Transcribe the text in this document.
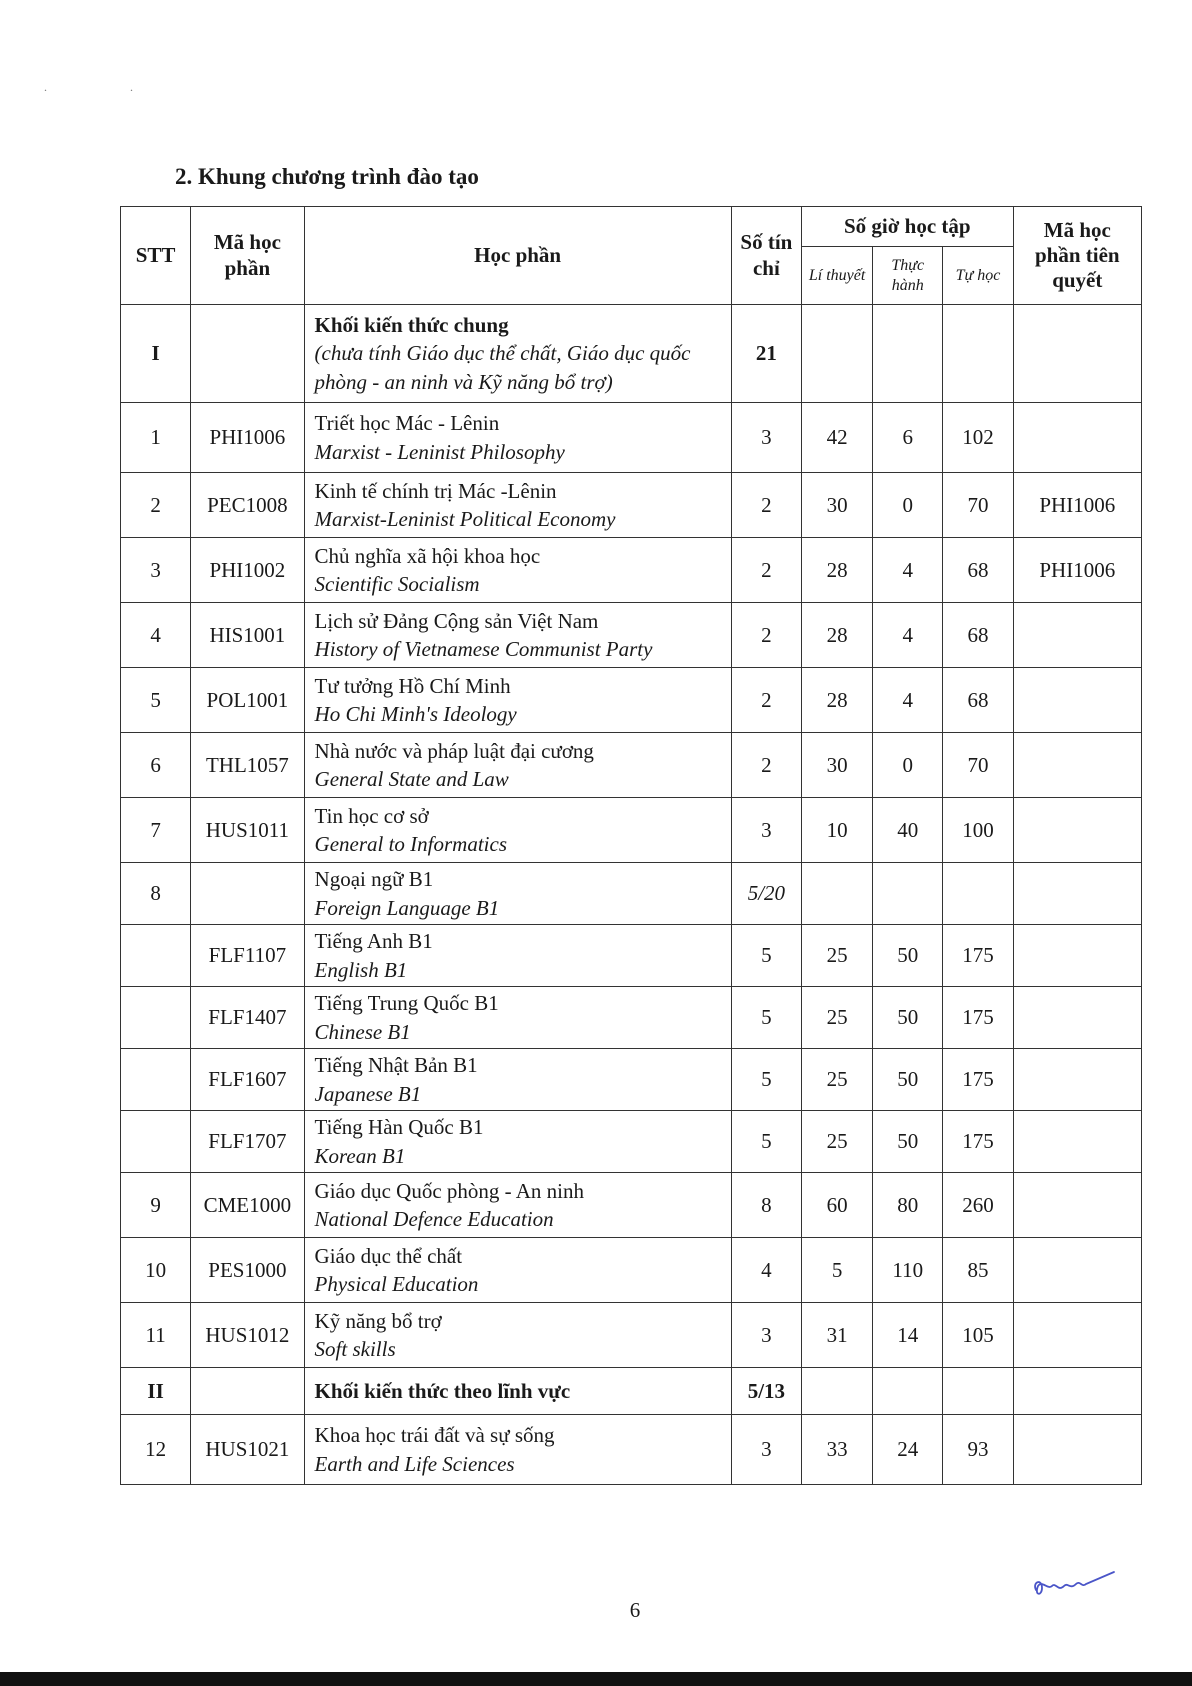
. .
2. Khung chương trình đào tạo
STT	Mã học phần	Học phần	Số tín chỉ	Số giờ học tập			Mã học phần tiên quyết
				Lí thuyết	Thực hành	Tự học	
I		Khối kiến thức chung
(chưa tính Giáo dục thể chất, Giáo dục quốc phòng - an ninh và Kỹ năng bổ trợ)	21				
1	PHI1006	Triết học Mác - Lênin
Marxist - Leninist Philosophy	3	42	6	102	
2	PEC1008	Kinh tế chính trị Mác -Lênin
Marxist-Leninist Political Economy	2	30	0	70	PHI1006
3	PHI1002	Chủ nghĩa xã hội khoa học
Scientific Socialism	2	28	4	68	PHI1006
4	HIS1001	Lịch sử Đảng Cộng sản Việt Nam
History of Vietnamese Communist Party	2	28	4	68	
5	POL1001	Tư tưởng Hồ Chí Minh
Ho Chi Minh's Ideology	2	28	4	68	
6	THL1057	Nhà nước và pháp luật đại cương
General State and Law	2	30	0	70	
7	HUS1011	Tin học cơ sở
General to Informatics	3	10	40	100	
8		Ngoại ngữ B1
Foreign Language B1	5/20				
	FLF1107	Tiếng Anh B1
English B1	5	25	50	175	
	FLF1407	Tiếng Trung Quốc B1
Chinese B1	5	25	50	175	
	FLF1607	Tiếng Nhật Bản B1
Japanese B1	5	25	50	175	
	FLF1707	Tiếng Hàn Quốc B1
Korean B1	5	25	50	175	
9	CME1000	Giáo dục Quốc phòng - An ninh
National Defence Education	8	60	80	260	
10	PES1000	Giáo dục thể chất
Physical Education	4	5	110	85	
11	HUS1012	Kỹ năng bổ trợ
Soft skills	3	31	14	105	
II		Khối kiến thức theo lĩnh vực	5/13				
12	HUS1021	Khoa học trái đất và sự sống
Earth and Life Sciences	3	33	24	93	
6
